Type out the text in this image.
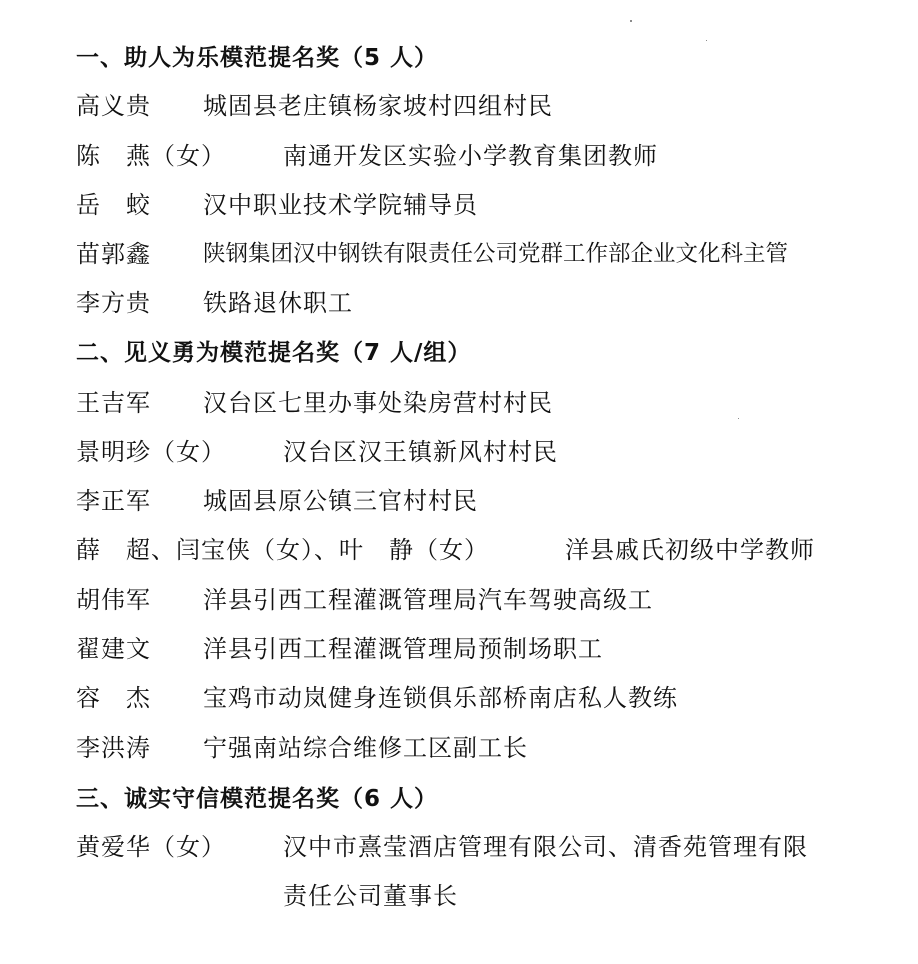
一、助人为乐模范提名奖（5 人）
高义贵 城固县老庄镇杨家坡村四组村民
陈　燕（女） 南通开发区实验小学教育集团教师
岳　蛟 汉中职业技术学院辅导员
苗郭鑫 陕钢集团汉中钢铁有限责任公司党群工作部企业文化科主管
李方贵 铁路退休职工
二、见义勇为模范提名奖（7 人/组）
王吉军 汉台区七里办事处染房营村村民
景明珍（女） 汉台区汉王镇新风村村民
李正军 城固县原公镇三官村村民
薛　超、闫宝侠（女）、叶　静（女）	洋县戚氏初级中学教师
胡伟军 洋县引西工程灌溉管理局汽车驾驶高级工
翟建文 洋县引西工程灌溉管理局预制场职工
容　杰 宝鸡市动岚健身连锁俱乐部桥南店私人教练
李洪涛 宁强南站综合维修工区副工长
三、诚实守信模范提名奖（6 人）
黄爱华（女） 汉中市熹莹酒店管理有限公司、清香苑管理有限
责任公司董事长
